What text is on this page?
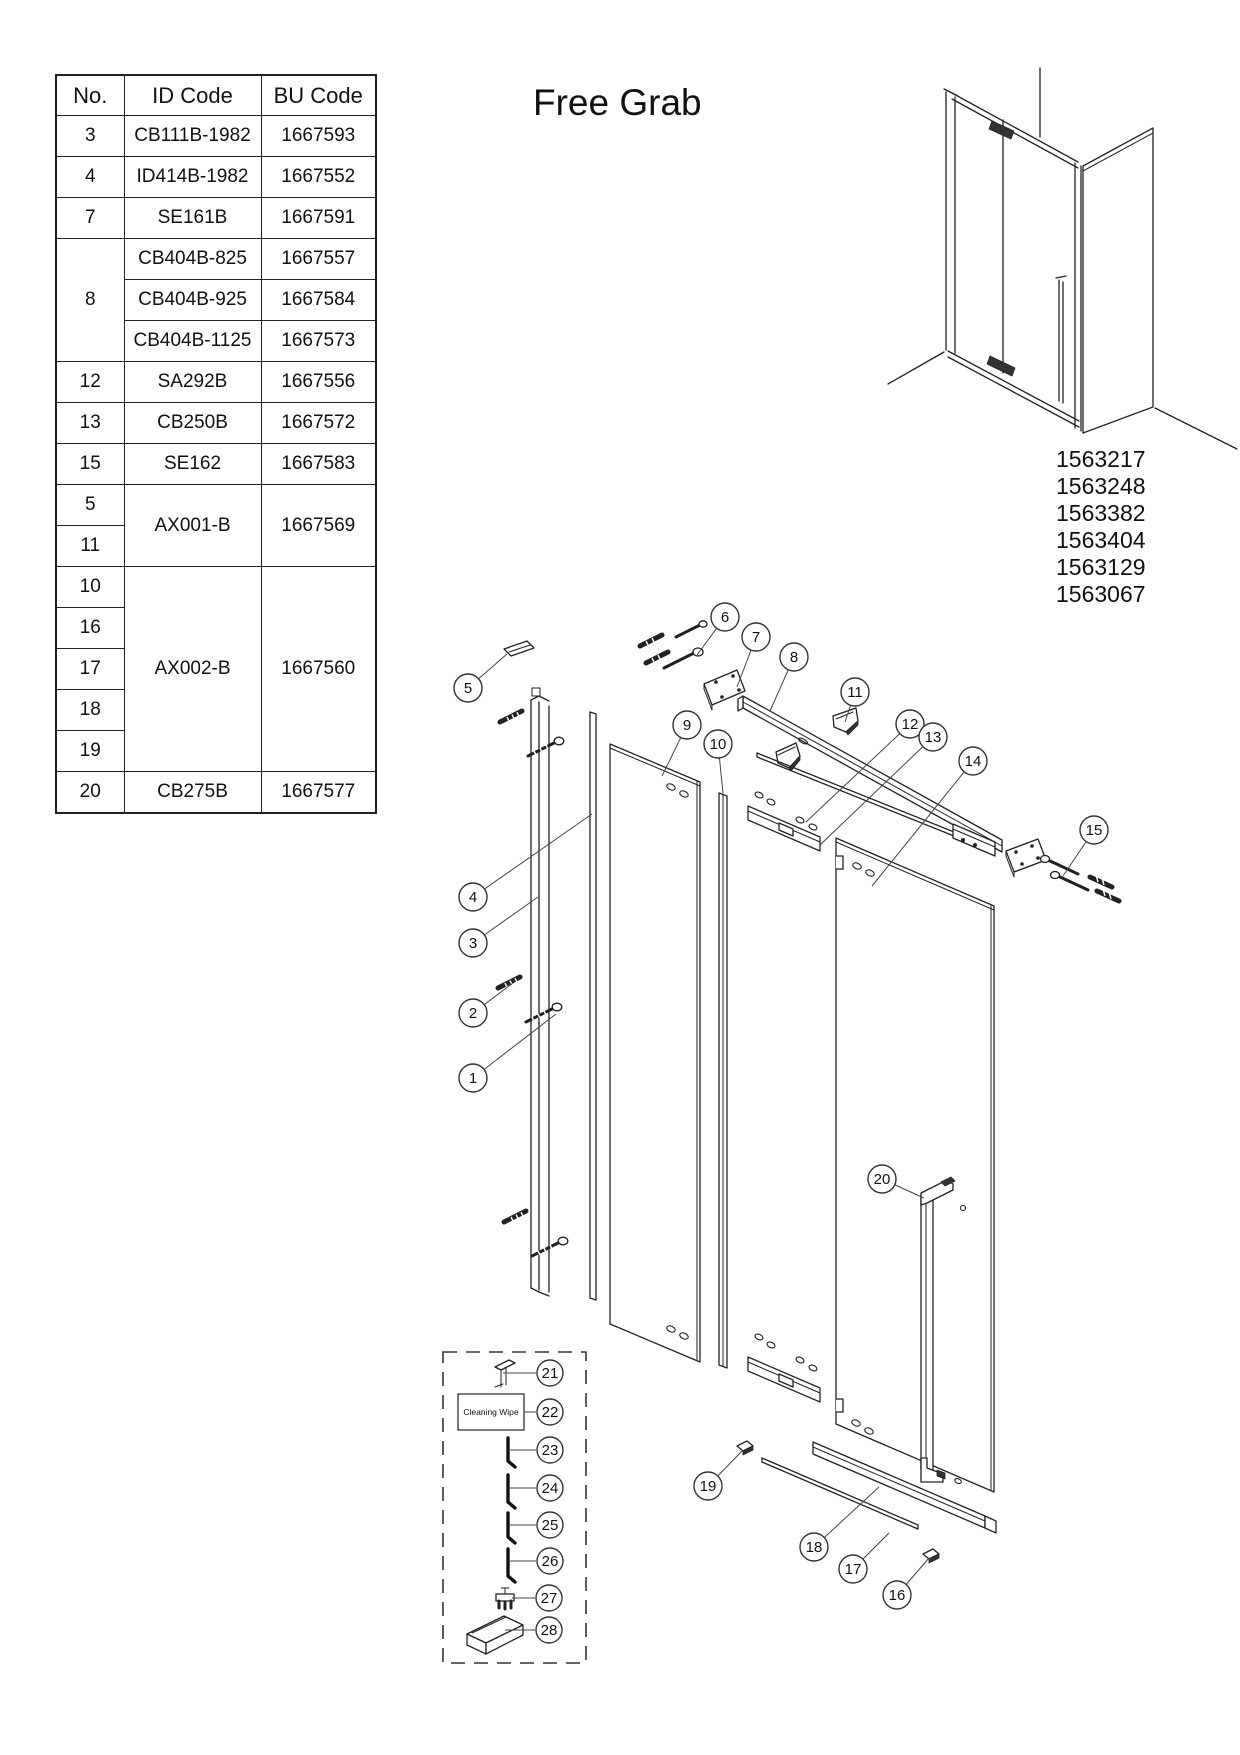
No.	ID Code	BU Code
3	CB111B-1982	1667593
4	ID414B-1982	1667552
7	SE161B	1667591
8	CB404B-825	1667557
	CB404B-925	1667584
	CB404B-1125	1667573
12	SA292B	1667556
13	CB250B	1667572
15	SE162	1667583
5	AX001-B	1667569
11		
10	AX002-B	1667560
16		
17		
18		
19		
20	CB275B	1667577
Free Grab
1563217
1563248
1563382
1563404
1563129
1563067
Cleaning Wipe
1
2
3
4
5
6
7
8
9
10
11
12
13
14
15
16
17
18
19
20
21
22
23
24
25
26
27
28
